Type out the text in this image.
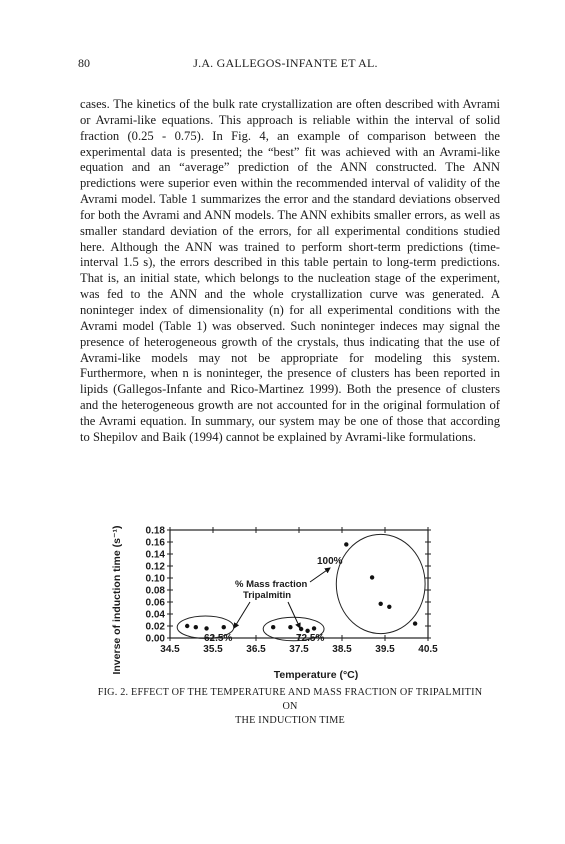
80	J.A. GALLEGOS-INFANTE ET AL.

cases. The kinetics of the bulk rate crystallization are often described with Avrami or Avrami-like equations. This approach is reliable within the interval of solid fraction (0.25 - 0.75). In Fig. 4, an example of comparison between the experimental data is presented; the “best” fit was achieved with an Avrami-like equation and an “average” prediction of the ANN constructed. The ANN predictions were superior even within the recommended interval of validity of the Avrami model. Table 1 summarizes the error and the standard deviations observed for both the Avrami and ANN models. The ANN exhibits smaller errors, as well as smaller standard deviation of the errors, for all experimental conditions studied here. Although the ANN was trained to perform short-term predictions (time-interval 1.5 s), the errors described in this table pertain to long-term predictions. That is, an initial state, which belongs to the nucleation stage of the experiment, was fed to the ANN and the whole crystallization curve was generated. A noninteger index of dimensionality (n) for all experimental conditions with the Avrami model (Table 1) was observed. Such noninteger indeces may signal the presence of heterogeneous growth of the crystals, thus indicating that the use of Avrami-like models may not be appropriate for modeling this system. Furthermore, when n is noninteger, the presence of clusters has been reported in lipids (Gallegos-Infante and Rico-Martinez 1999). Both the presence of clusters and the heterogeneous growth are not accounted for in the original formulation of the Avrami equation. In summary, our system may be one of those that according to Shepilov and Baik (1994) cannot be explained by Avrami-like formulations.

0.00
0.02
0.04
0.06
0.08
0.10
0.12
0.14
0.16
0.18
34.5 35.5 36.5 37.5 38.5 39.5 40.5
% Mass fraction
Tripalmitin
62.5%	72.5%
100%
Temperature (°C)
Inverse of induction time (s⁻¹)
FIG. 2. EFFECT OF THE TEMPERATURE AND MASS FRACTION OF TRIPALMITIN ON
THE INDUCTION TIME
